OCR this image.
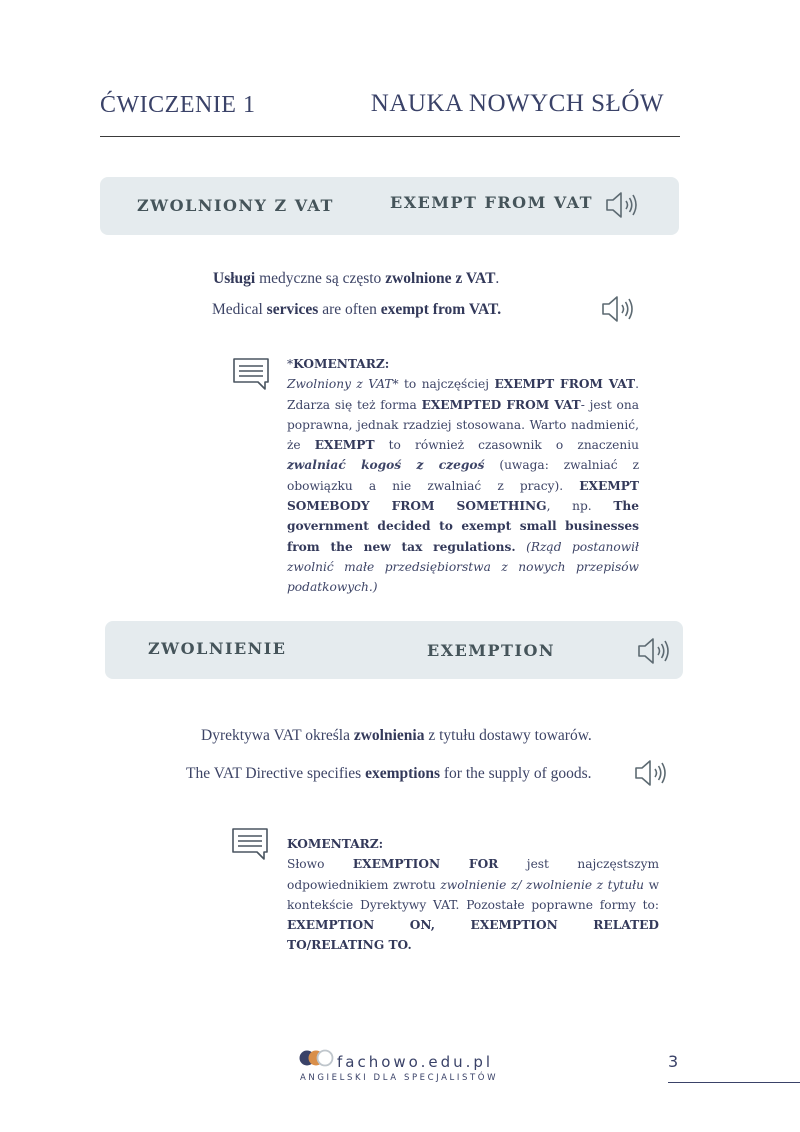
ĆWICZENIE 1	NAUKA NOWYCH SŁÓW
ZWOLNIONY Z VAT	EXEMPT FROM VAT
Usługi medyczne są często zwolnione z VAT.
Medical services are often exempt from VAT.
*KOMENTARZ:
Zwolniony z VAT* to najczęściej EXEMPT FROM VAT. Zdarza się też forma EXEMPTED FROM VAT- jest ona poprawna, jednak rzadziej stosowana. Warto nadmienić, że EXEMPT to również czasownik o znaczeniu zwalniać kogoś z czegoś (uwaga: zwalniać z obowiązku a nie zwalniać z pracy). EXEMPT SOMEBODY FROM SOMETHING, np. The government decided to exempt small businesses from the new tax regulations. (Rząd postanowił zwolnić małe przedsiębiorstwa z nowych przepisów podatkowych.)
ZWOLNIENIE	EXEMPTION
Dyrektywa VAT określa zwolnienia z tytułu dostawy towarów.
The VAT Directive specifies exemptions for the supply of goods.
KOMENTARZ:
Słowo EXEMPTION FOR jest najczęstszym odpowiednikiem zwrotu zwolnienie z/ zwolnienie z tytułu w kontekście Dyrektywy VAT. Pozostałe poprawne formy to: EXEMPTION ON, EXEMPTION RELATED TO/RELATING TO.
fachowo.edu.pl
ANGIELSKI DLA SPECJALISTÓW
3
